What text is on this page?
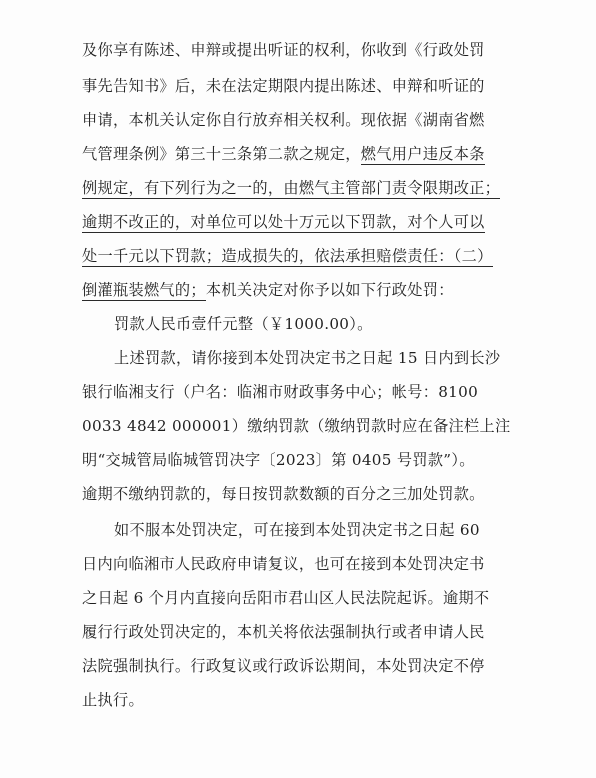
及你享有陈述、申辩或提出听证的权利，你收到《行政处罚
事先告知书》后，未在法定期限内提出陈述、申辩和听证的
申请，本机关认定你自行放弃相关权利。现依据《湖南省燃
气管理条例》第三十三条第二款之规定，燃气用户违反本条
例规定，有下列行为之一的，由燃气主管部门责令限期改正；
逾期不改正的，对单位可以处十万元以下罚款，对个人可以
处一千元以下罚款；造成损失的，依法承担赔偿责任：（二）
倒灌瓶装燃气的；本机关决定对你予以如下行政处罚：
罚款人民币壹仟元整（￥1000.00）。
上述罚款，请你接到本处罚决定书之日起 15 日内到长沙
银行临湘支行（户名：临湘市财政事务中心；帐号：8100
0033 4842 000001）缴纳罚款（缴纳罚款时应在备注栏上注
明“交城管局临城管罚决字〔2023〕第 0405 号罚款”）。
逾期不缴纳罚款的，每日按罚款数额的百分之三加处罚款。
如不服本处罚决定，可在接到本处罚决定书之日起 60
日内向临湘市人民政府申请复议，也可在接到本处罚决定书
之日起 6 个月内直接向岳阳市君山区人民法院起诉。逾期不
履行行政处罚决定的，本机关将依法强制执行或者申请人民
法院强制执行。行政复议或行政诉讼期间，本处罚决定不停
止执行。
